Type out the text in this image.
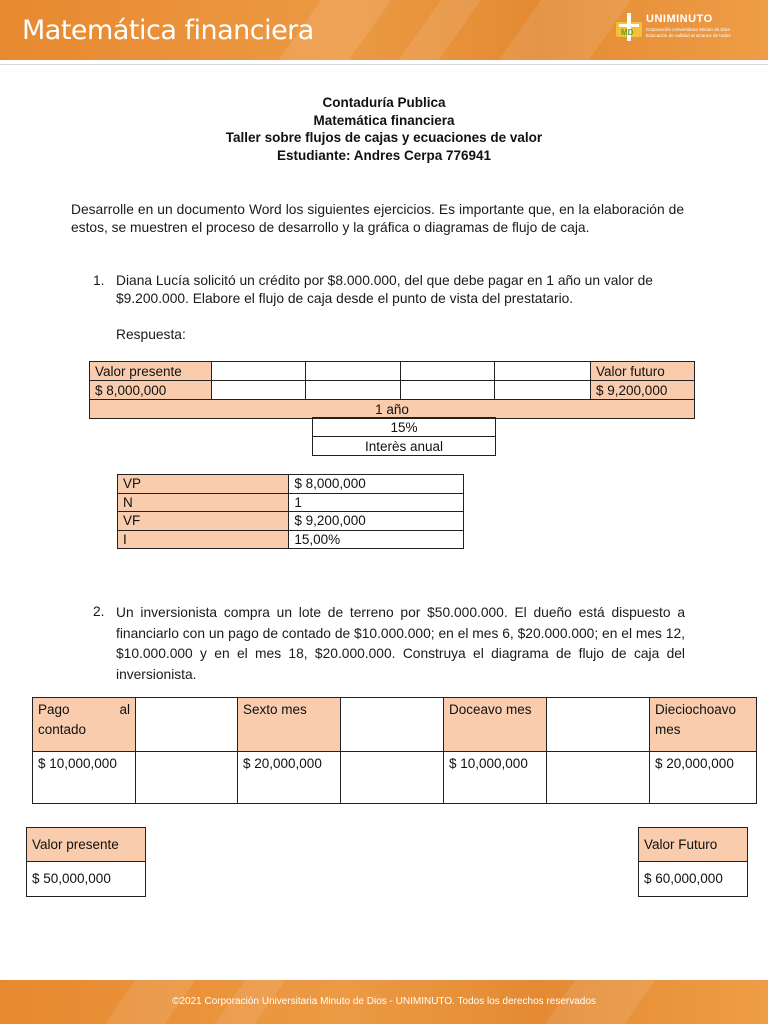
Matemática financiera	MD
UNIMINUTO
Corporación Universitaria Minuto de Dios · Educación de calidad al alcance de todos
Contaduría Publica
Matemática financiera
Taller sobre flujos de cajas y ecuaciones de valor
Estudiante: Andres Cerpa 776941
Desarrolle en un documento Word los siguientes ejercicios. Es importante que, en la elaboración de estos, se muestren el proceso de desarrollo y la gráfica o diagramas de flujo de caja.
1. Diana Lucía solicitó un crédito por $8.000.000, del que debe pagar en 1 año un valor de $9.200.000. Elabore el flujo de caja desde el punto de vista del prestatario.
Respuesta:
Valor presente					Valor futuro
$ 8,000,000					$ 9,200,000
1 año					
15%
Interès anual
VP	$ 8,000,000
N	1
VF	$ 9,200,000
I	15,00%
2. Un inversionista compra un lote de terreno por $50.000.000. El dueño está dispuesto a financiarlo con un pago de contado de $10.000.000; en el mes 6, $20.000.000; en el mes 12, $10.000.000 y en el mes 18, $20.000.000. Construya el diagrama de flujo de caja del inversionista.
Pago al contado		Sexto mes		Doceavo mes		Dieciochoavo mes
$ 10,000,000		$ 20,000,000		$ 10,000,000		$ 20,000,000
Valor presente
$ 50,000,000
Valor Futuro
$ 60,000,000
©2021 Corporación Universitaria Minuto de Dios - UNIMINUTO. Todos los derechos reservados
